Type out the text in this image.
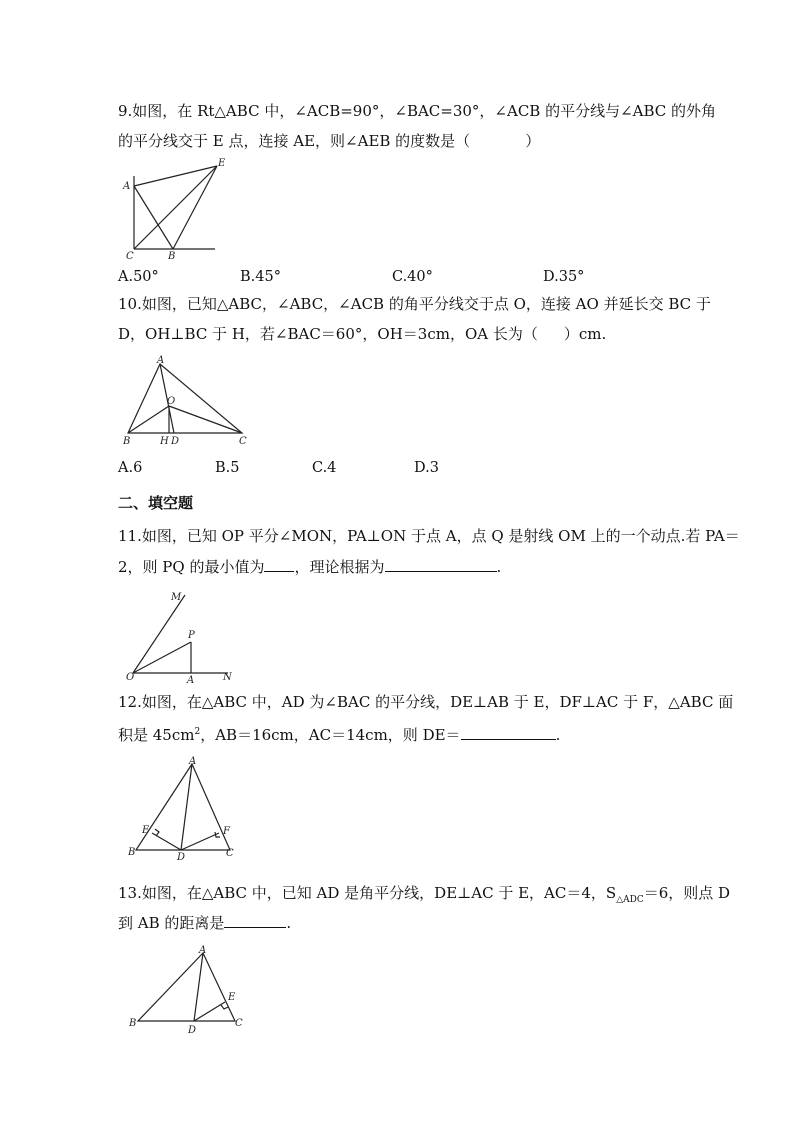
9.如图，在 Rt△ABC 中，∠ACB=90°，∠BAC=30°，∠ACB 的平分线与∠ABC 的外角
的平分线交于 E 点，连接 AE，则∠AEB 的度数是（	）
A
E
C	B
A.50°	B.45°	C.40°	D.35°
10.如图，已知△ABC，∠ABC，∠ACB 的角平分线交于点 O，连接 AO 并延长交 BC 于
D，OH⊥BC 于 H，若∠BAC＝60°，OH＝3cm，OA 长为（ ）cm.
A
O
B	H D	C
A.6	B.5	C.4	D.3
二、填空题
11.如图，已知 OP 平分∠MON，PA⊥ON 于点 A，点 Q 是射线 OM 上的一个动点.若 PA＝
2，则 PQ 的最小值为 ，理论根据为	.
M
P
O	A	N
12.如图，在△ABC 中，AD 为∠BAC 的平分线，DE⊥AB 于 E，DF⊥AC 于 F，△ABC 面
积是 $45cm^2$，AB＝16cm，AC＝14cm，则 DE＝	.
A
E	F
B	D	C
13.如图，在△ABC 中，已知 AD 是角平分线，DE⊥AC 于 E，AC＝4，$S_{\triangle ADC}=6$，则点 D
到 AB 的距离是	.
A
E
B
D
C
